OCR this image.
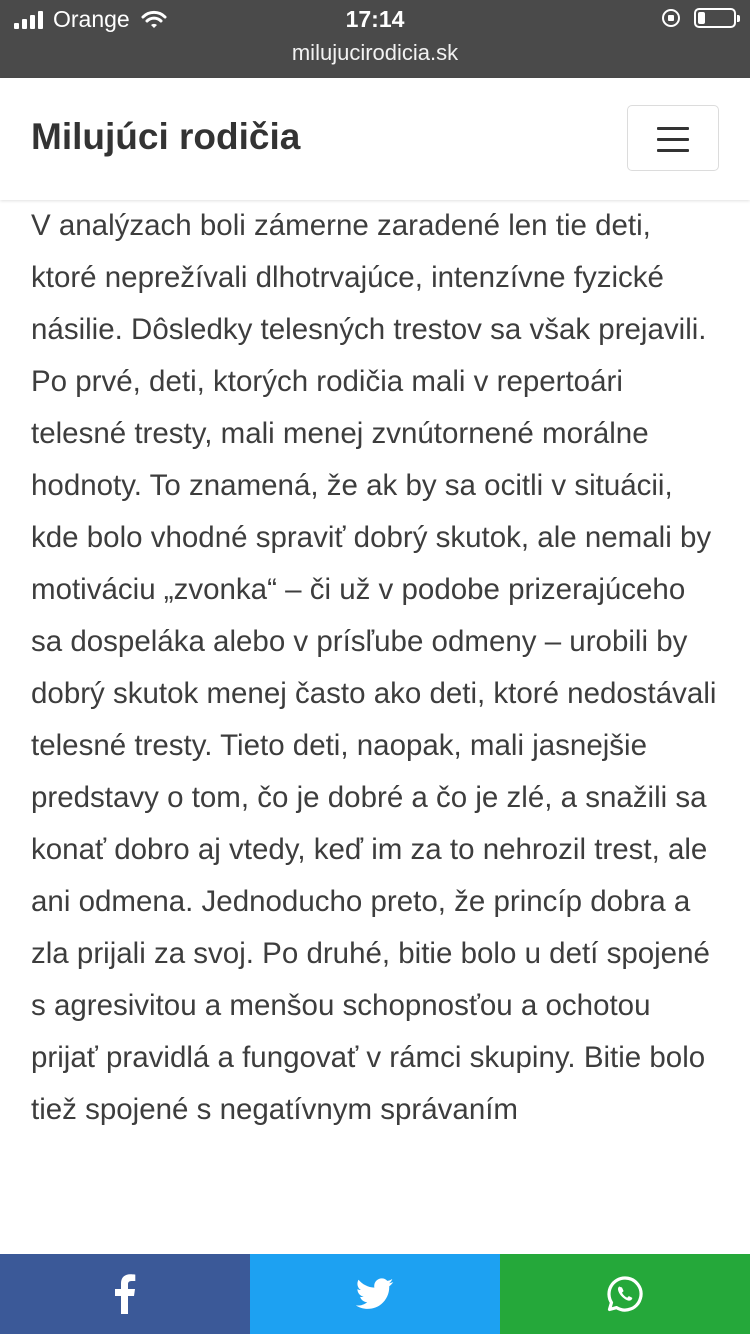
Orange	17:14
milujucirodicia.sk
Milujúci rodičia

V analýzach boli zámerne zaradené len tie deti, ktoré neprežívali dlhotrvajúce, intenzívne fyzické násilie. Dôsledky telesných trestov sa však prejavili. Po prvé, deti, ktorých rodičia mali v repertoári telesné tresty, mali menej zvnútornené morálne hodnoty. To znamená, že ak by sa ocitli v situácii, kde bolo vhodné spraviť dobrý skutok, ale nemali by motiváciu „zvonka“ – či už v podobe prizerajúceho sa dospeláka alebo v prísľube odmeny – urobili by dobrý skutok menej často ako deti, ktoré nedostávali telesné tresty. Tieto deti, naopak, mali jasnejšie predstavy o tom, čo je dobré a čo je zlé, a snažili sa konať dobro aj vtedy, keď im za to nehrozil trest, ale ani odmena. Jednoducho preto, že princíp dobra a zla prijali za svoj. Po druhé, bitie bolo u detí spojené s agresivitou a menšou schopnosťou a ochotou prijať pravidlá a fungovať v rámci skupiny. Bitie bolo tiež spojené s negatívnym správaním
